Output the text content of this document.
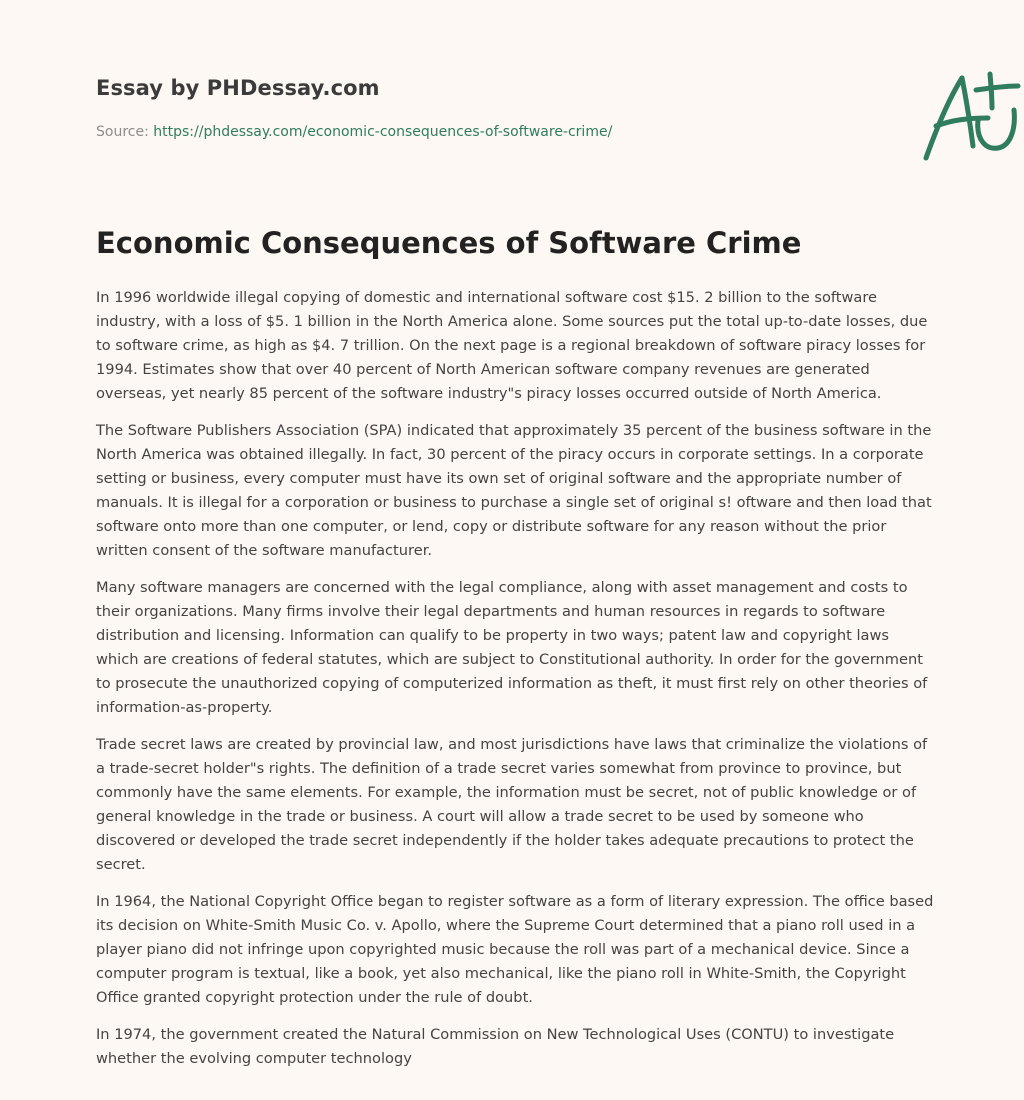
Essay by PHDessay.com
Source: https://phdessay.com/economic-consequences-of-software-crime/
Economic Consequences of Software Crime

In 1996 worldwide illegal copying of domestic and international software cost $15. 2 billion to the software industry, with a loss of $5. 1 billion in the North America alone. Some sources put the total up-to-date losses, due to software crime, as high as $4. 7 trillion. On the next page is a regional breakdown of software piracy losses for 1994. Estimates show that over 40 percent of North American software company revenues are generated overseas, yet nearly 85 percent of the software industry"s piracy losses occurred outside of North America.

The Software Publishers Association (SPA) indicated that approximately 35 percent of the business software in the North America was obtained illegally. In fact, 30 percent of the piracy occurs in corporate settings. In a corporate setting or business, every computer must have its own set of original software and the appropriate number of manuals. It is illegal for a corporation or business to purchase a single set of original s! oftware and then load that software onto more than one computer, or lend, copy or distribute software for any reason without the prior written consent of the software manufacturer.

Many software managers are concerned with the legal compliance, along with asset management and costs to their organizations. Many firms involve their legal departments and human resources in regards to software distribution and licensing. Information can qualify to be property in two ways; patent law and copyright laws which are creations of federal statutes, which are subject to Constitutional authority. In order for the government to prosecute the unauthorized copying of computerized information as theft, it must first rely on other theories of information-as-property.

Trade secret laws are created by provincial law, and most jurisdictions have laws that criminalize the violations of a trade-secret holder"s rights. The definition of a trade secret varies somewhat from province to province, but commonly have the same elements. For example, the information must be secret, not of public knowledge or of general knowledge in the trade or business. A court will allow a trade secret to be used by someone who discovered or developed the trade secret independently if the holder takes adequate precautions to protect the secret.

In 1964, the National Copyright Office began to register software as a form of literary expression. The office based its decision on White-Smith Music Co. v. Apollo, where the Supreme Court determined that a piano roll used in a player piano did not infringe upon copyrighted music because the roll was part of a mechanical device. Since a computer program is textual, like a book, yet also mechanical, like the piano roll in White-Smith, the Copyright Office granted copyright protection under the rule of doubt.

In 1974, the government created the Natural Commission on New Technological Uses (CONTU) to investigate whether the evolving computer technology
